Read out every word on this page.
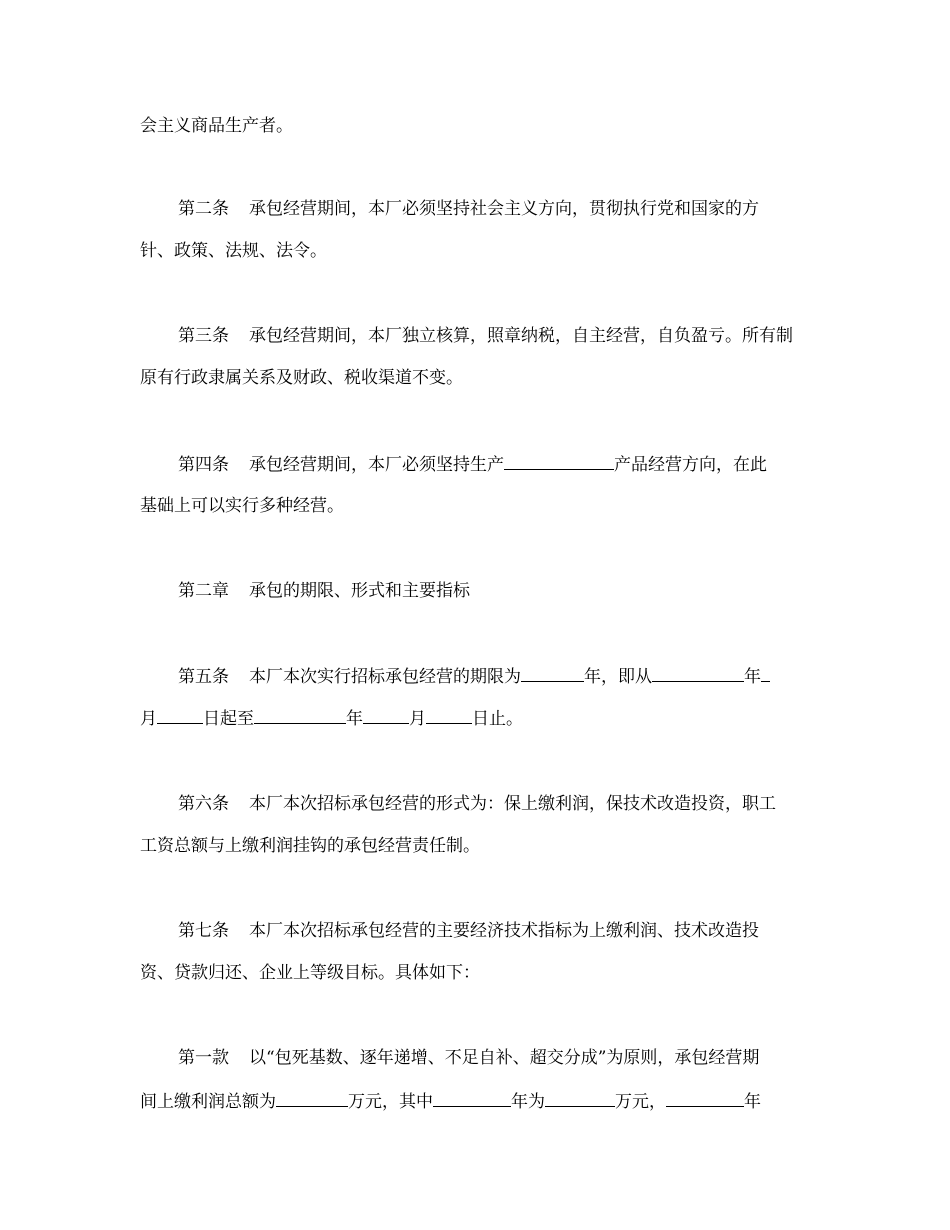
会主义商品生产者。
第二条 承包经营期间，本厂必须坚持社会主义方向，贯彻执行党和国家的方
针、政策、法规、法令。
第三条 承包经营期间，本厂独立核算，照章纳税，自主经营，自负盈亏。所有制
原有行政隶属关系及财政、税收渠道不变。
第四条 承包经营期间，本厂必须坚持生产	产品经营方向，在此
基础上可以实行多种经营。
第二章 承包的期限、形式和主要指标
第五条 本厂本次实行招标承包经营的期限为	年，即从	年
月	日起至	年	月	日止。
第六条 本厂本次招标承包经营的形式为：保上缴利润，保技术改造投资，职工
工资总额与上缴利润挂钩的承包经营责任制。
第七条 本厂本次招标承包经营的主要经济技术指标为上缴利润、技术改造投
资、贷款归还、企业上等级目标。具体如下：
第一款 以“包死基数、逐年递增、不足自补、超交分成”为原则，承包经营期
间上缴利润总额为	万元，其中	年为	万元，	年
